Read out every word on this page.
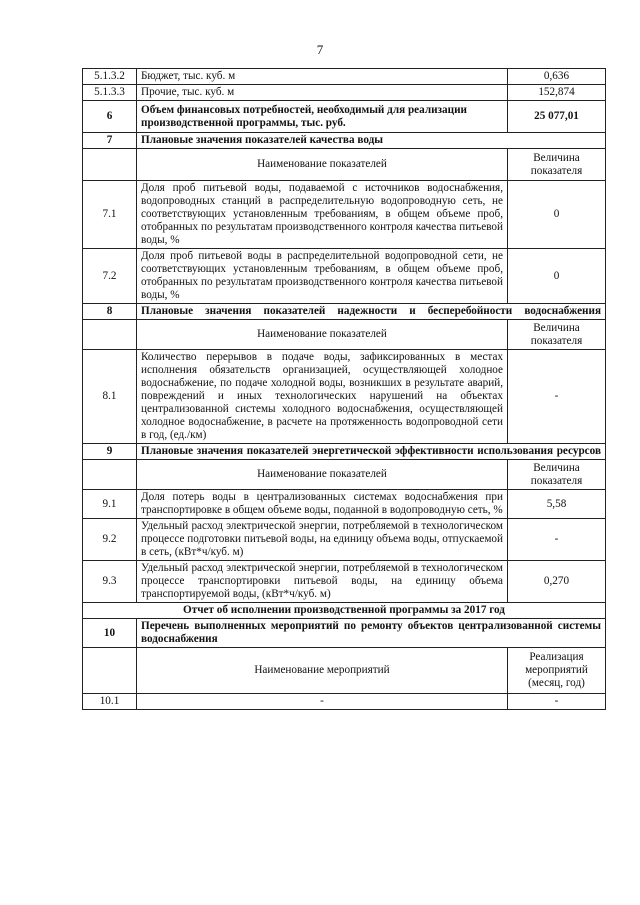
7
5.1.3.2	Бюджет, тыс. куб. м	0,636
5.1.3.3	Прочие, тыс. куб. м	152,874
6	Объем финансовых потребностей, необходимый для реализации производственной программы, тыс. руб.	25 077,01
7	Плановые значения показателей качества воды	
	Наименование показателей	Величина показателя
7.1	Доля проб питьевой воды, подаваемой с источников водоснабжения, водопроводных станций в распределительную водопроводную сеть, не соответствующих установленным требованиям, в общем объеме проб, отобранных по результатам производственного контроля качества питьевой воды, %	0
7.2	Доля проб питьевой воды в распределительной водопроводной сети, не соответствующих установленным требованиям, в общем объеме проб, отобранных по результатам производственного контроля качества питьевой воды, %	0
8	Плановые значения показателей надежности и бесперебойности водоснабжения	
	Наименование показателей	Величина показателя
8.1	Количество перерывов в подаче воды, зафиксированных в местах исполнения обязательств организацией, осуществляющей холодное водоснабжение, по подаче холодной воды, возникших в результате аварий, повреждений и иных технологических нарушений на объектах централизованной системы холодного водоснабжения, осуществляющей холодное водоснабжение, в расчете на протяженность водопроводной сети в год, (ед./км)	-
9	Плановые значения показателей энергетической эффективности использования ресурсов	
	Наименование показателей	Величина показателя
9.1	Доля потерь воды в централизованных системах водоснабжения при транспортировке в общем объеме воды, поданной в водопроводную сеть, %	5,58
9.2	Удельный расход электрической энергии, потребляемой в технологическом процессе подготовки питьевой воды, на единицу объема воды, отпускаемой в сеть, (кВт*ч/куб. м)	-
9.3	Удельный расход электрической энергии, потребляемой в технологическом процессе транспортировки питьевой воды, на единицу объема транспортируемой воды, (кВт*ч/куб. м)	0,270
Отчет об исполнении производственной программы за 2017 год		
10	Перечень выполненных мероприятий по ремонту объектов централизованной системы водоснабжения	
	Наименование мероприятий	Реализация мероприятий (месяц, год)
10.1	-	-
